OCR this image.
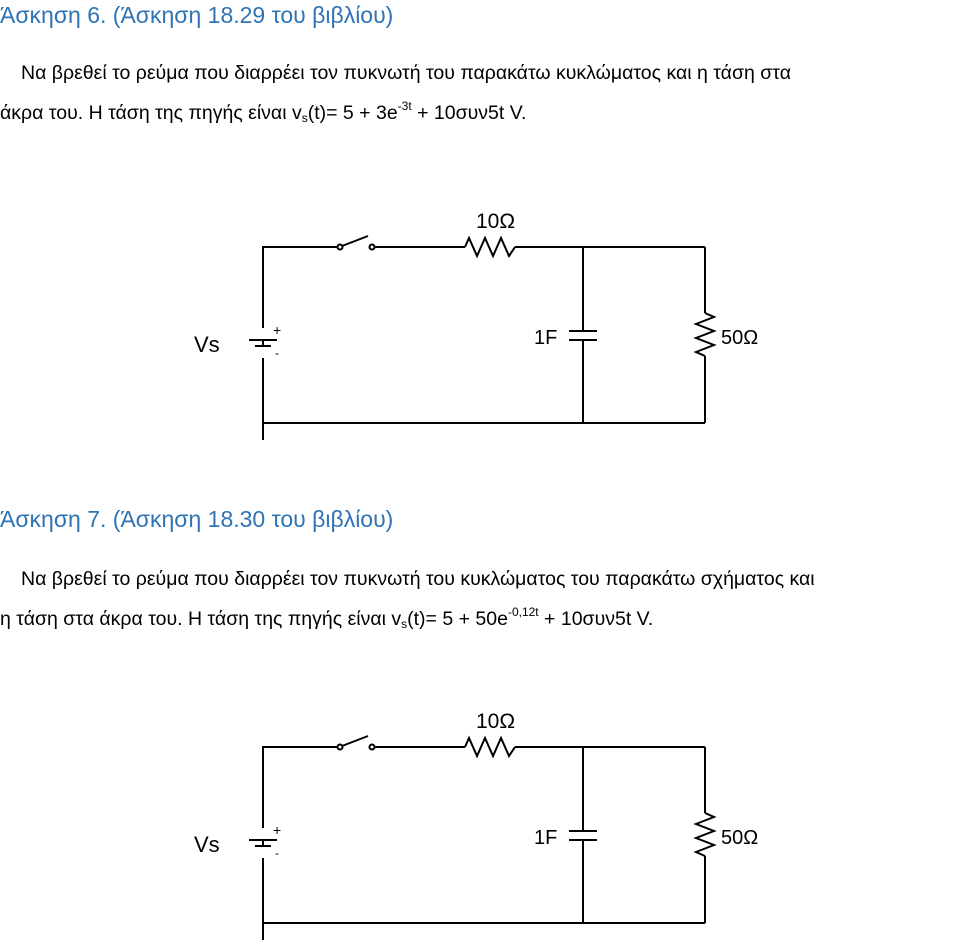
Άσκηση 6. (Άσκηση 18.29 του βιβλίου)
Να βρεθεί το ρεύμα που διαρρέει τον πυκνωτή του παρακάτω κυκλώματος και η τάση στα
άκρα του. Η τάση της πηγής είναι $v_s(t)= 5 + 3e^{-3t} + 10\sigma\upsilon\nu 5t$ V.
10Ω
Vs
+
-
1F	50Ω
Άσκηση 7. (Άσκηση 18.30 του βιβλίου)
Να βρεθεί το ρεύμα που διαρρέει τον πυκνωτή του κυκλώματος του παρακάτω σχήματος και
η τάση στα άκρα του. Η τάση της πηγής είναι $v_s(t)= 5 + 50e^{-0,12t} + 10\sigma\upsilon\nu 5t$ V.
10Ω
Vs
+
-
1F	50Ω
